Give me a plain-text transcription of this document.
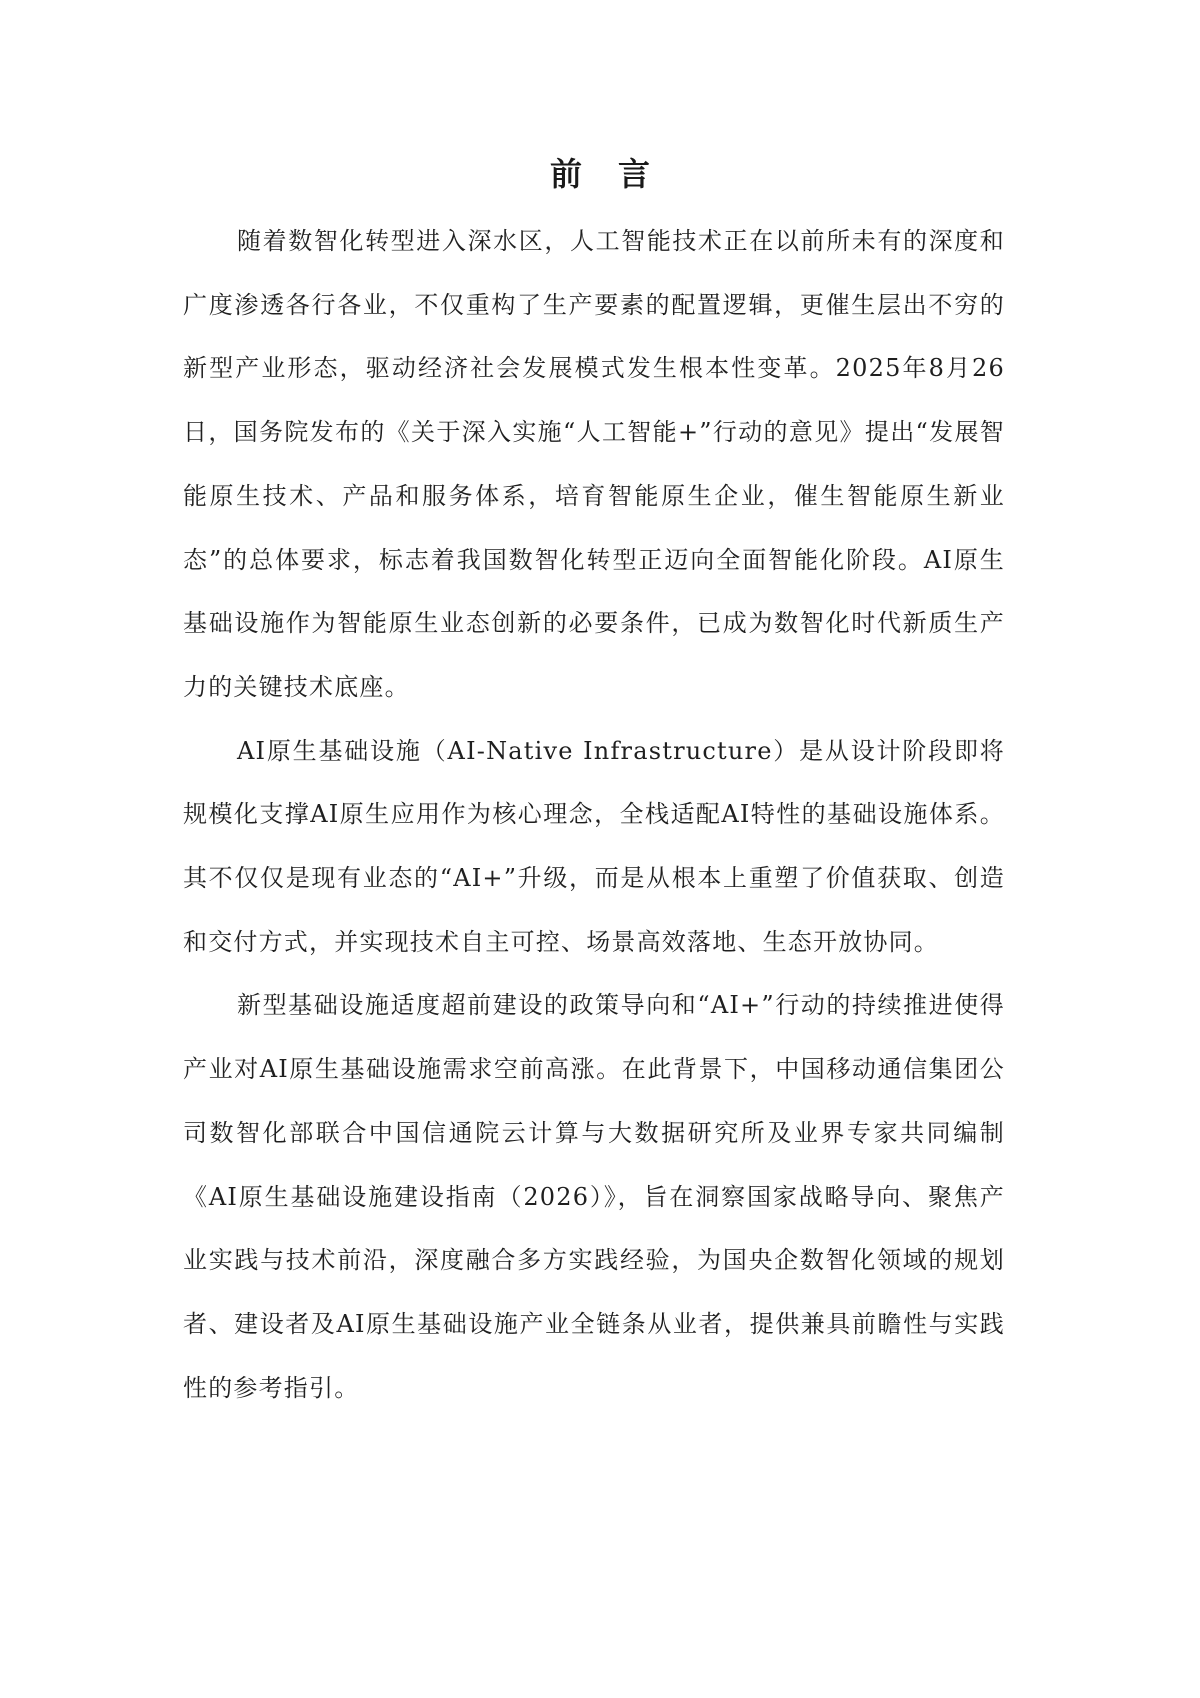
前 言

随着数智化转型进入深水区，人工智能技术正在以前所未有的深度和广度渗透各行各业，不仅重构了生产要素的配置逻辑，更催生层出不穷的新型产业形态，驱动经济社会发展模式发生根本性变革。2025年8月26日，国务院发布的《关于深入实施“人工智能+”行动的意见》提出“发展智能原生技术、产品和服务体系，培育智能原生企业，催生智能原生新业态”的总体要求，标志着我国数智化转型正迈向全面智能化阶段。AI原生基础设施作为智能原生业态创新的必要条件，已成为数智化时代新质生产力的关键技术底座。

AI原生基础设施（AI-Native Infrastructure）是从设计阶段即将规模化支撑AI原生应用作为核心理念，全栈适配AI特性的基础设施体系。其不仅仅是现有业态的“AI+”升级，而是从根本上重塑了价值获取、创造和交付方式，并实现技术自主可控、场景高效落地、生态开放协同。

新型基础设施适度超前建设的政策导向和“AI+”行动的持续推进使得产业对AI原生基础设施需求空前高涨。在此背景下，中国移动通信集团公司数智化部联合中国信通院云计算与大数据研究所及业界专家共同编制《AI原生基础设施建设指南（2026）》，旨在洞察国家战略导向、聚焦产业实践与技术前沿，深度融合多方实践经验，为国央企数智化领域的规划者、建设者及AI原生基础设施产业全链条从业者，提供兼具前瞻性与实践性的参考指引。
